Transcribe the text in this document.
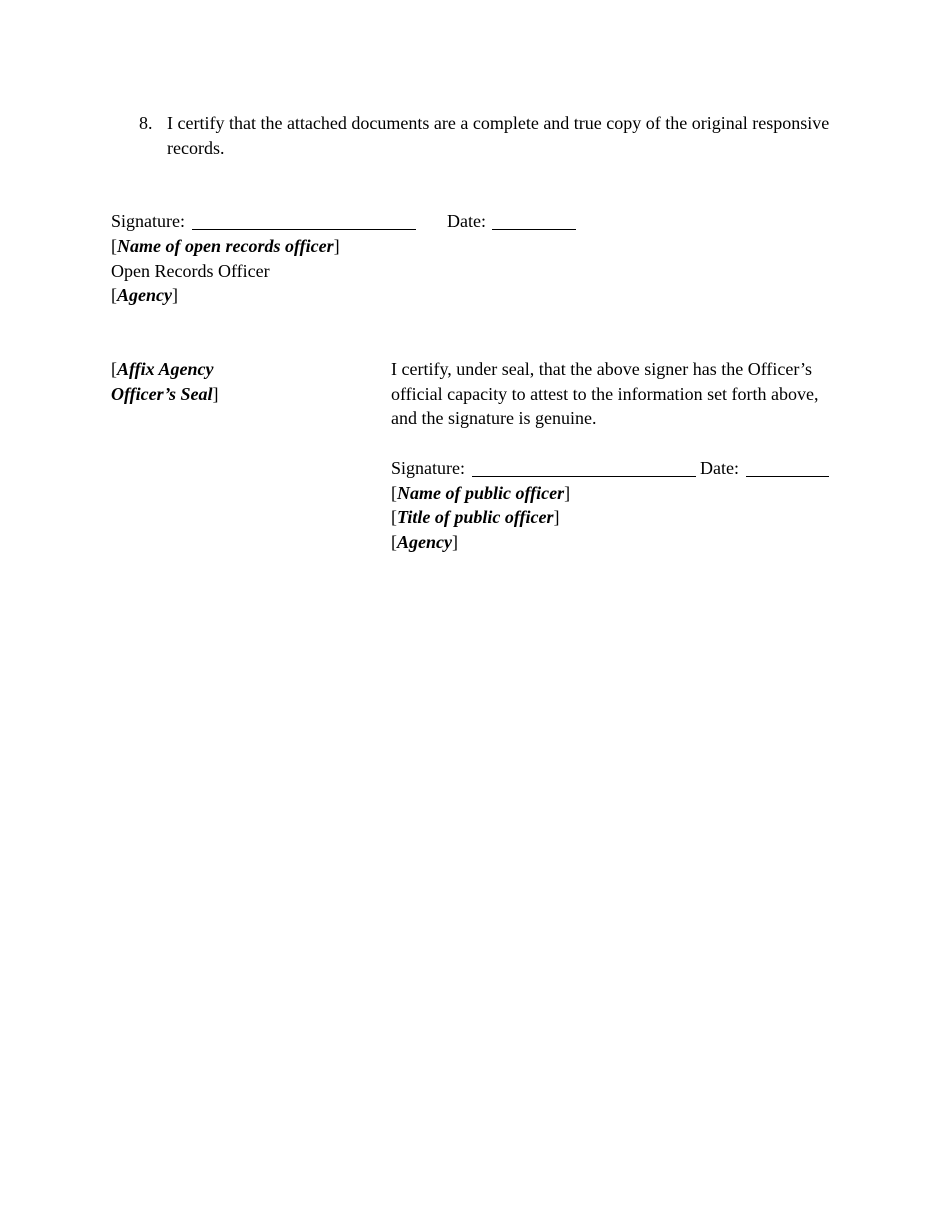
8. I certify that the attached documents are a complete and true copy of the original responsive
records.
Signature:	Date:
[Name of open records officer]
Open Records Officer
[Agency]
[Affix Agency
Officer’s Seal]
I certify, under seal, that the above signer has the Officer’s
official capacity to attest to the information set forth above,
and the signature is genuine.
Signature:	Date:
[Name of public officer]
[Title of public officer]
[Agency]
